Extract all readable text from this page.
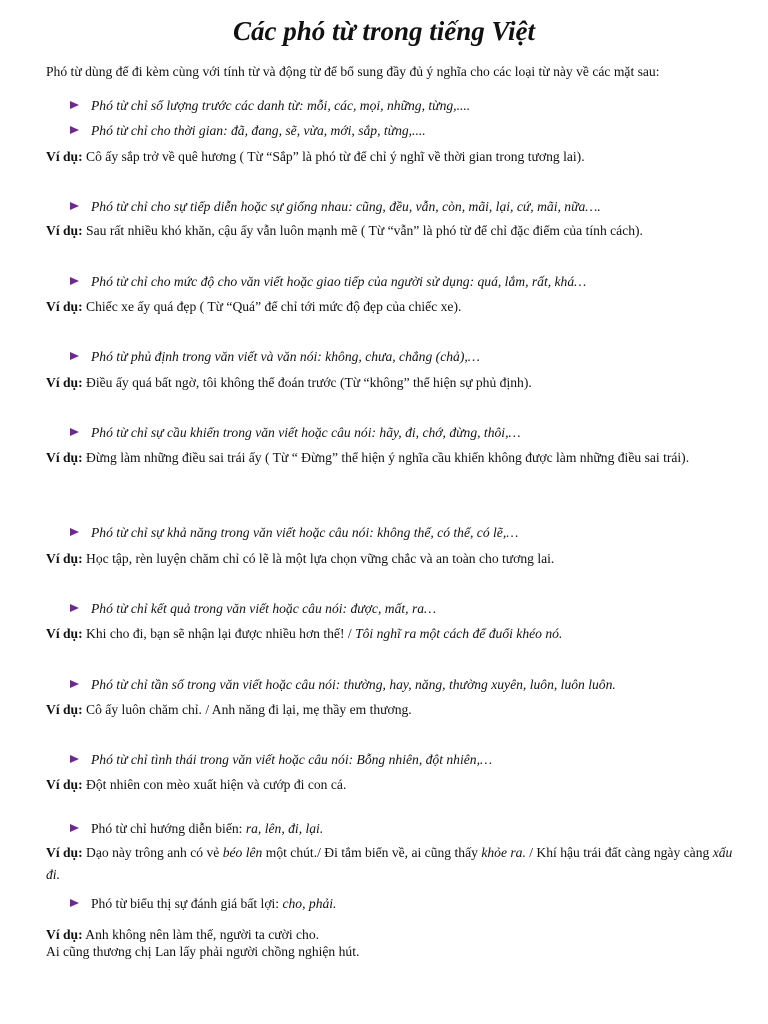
Các phó từ trong tiếng Việt
Phó từ dùng để đi kèm cùng với tính từ và động từ để bổ sung đầy đủ ý nghĩa cho các loại từ này về các mặt sau:
Phó từ chỉ số lượng trước các danh từ: mỗi, các, mọi, những, từng,....
Phó từ chỉ cho thời gian: đã, đang, sẽ, vừa, mới, sắp, từng,....
Ví dụ: Cô ấy sắp trở về quê hương ( Từ “Sắp” là phó từ để chỉ ý nghĩ về thời gian trong tương lai).
Phó từ chỉ cho sự tiếp diễn hoặc sự giống nhau: cũng, đều, vẫn, còn, mãi, lại, cứ, mãi, nữa….
Ví dụ: Sau rất nhiều khó khăn, cậu ấy vẫn luôn mạnh mẽ ( Từ “vẫn” là phó từ để chỉ đặc điểm của tính cách).
Phó từ chỉ cho mức độ cho văn viết hoặc giao tiếp của người sử dụng: quá, lắm, rất, khá…
Ví dụ: Chiếc xe ấy quá đẹp ( Từ “Quá” để chỉ tới mức độ đẹp của chiếc xe).
Phó từ phủ định trong văn viết và văn nói: không, chưa, chẳng (chả),…
Ví dụ: Điều ấy quá bất ngờ, tôi không thể đoán trước (Từ “không” thể hiện sự phủ định).
Phó từ chỉ sự cầu khiến trong văn viết hoặc câu nói: hãy, đi, chớ, đừng, thôi,…
Ví dụ: Đừng làm những điều sai trái ấy ( Từ “ Đừng” thể hiện ý nghĩa cầu khiến không được làm những điều sai trái).
Phó từ chỉ sự khả năng trong văn viết hoặc câu nói: không thể, có thể, có lẽ,…
Ví dụ: Học tập, rèn luyện chăm chỉ có lẽ là một lựa chọn vững chắc và an toàn cho tương lai.
Phó từ chỉ kết quả trong văn viết hoặc câu nói: được, mất, ra…
Ví dụ: Khi cho đi, bạn sẽ nhận lại được nhiều hơn thế! / Tôi nghĩ ra một cách để đuổi khéo nó.
Phó từ chỉ tần số trong văn viết hoặc câu nói: thường, hay, năng, thường xuyên, luôn, luôn luôn.
Ví dụ: Cô ấy luôn chăm chỉ. / Anh năng đi lại, mẹ thầy em thương.
Phó từ chỉ tình thái trong văn viết hoặc câu nói: Bỗng nhiên, đột nhiên,…
Ví dụ: Đột nhiên con mèo xuất hiện và cướp đi con cá.
Phó từ chỉ hướng diễn biến: ra, lên, đi, lại.
Ví dụ: Dạo này trông anh có vẻ béo lên một chút./ Đi tắm biển về, ai cũng thấy khỏe ra. / Khí hậu trái đất càng ngày càng xấu đi.
Phó từ biểu thị sự đánh giá bất lợi: cho, phải.
Ví dụ: Anh không nên làm thế, người ta cười cho.
Ai cũng thương chị Lan lấy phải người chồng nghiện hút.
